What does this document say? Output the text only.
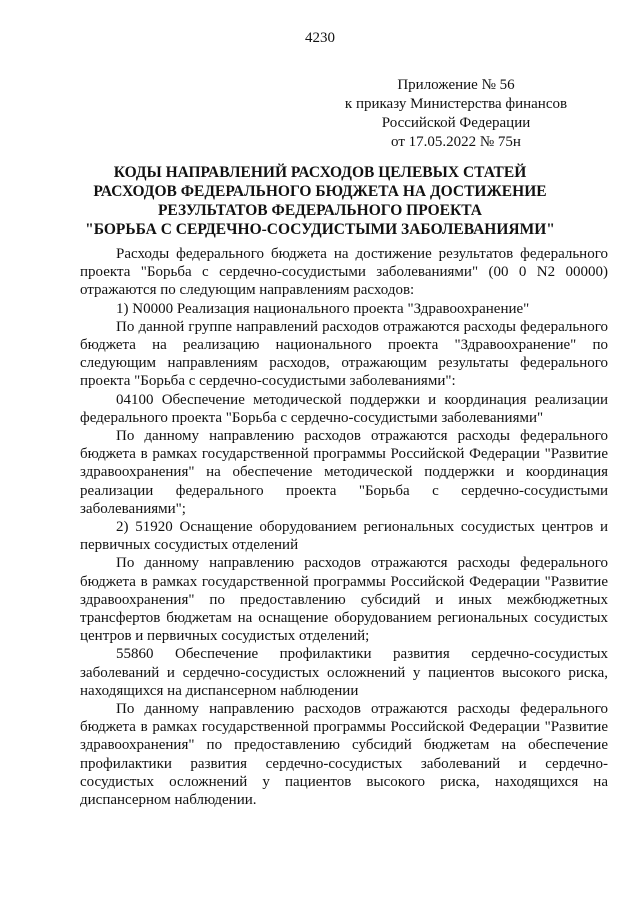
4230
Приложение № 56
к приказу Министерства финансов
Российской Федерации
от 17.05.2022 № 75н
КОДЫ НАПРАВЛЕНИЙ РАСХОДОВ ЦЕЛЕВЫХ СТАТЕЙ
РАСХОДОВ ФЕДЕРАЛЬНОГО БЮДЖЕТА НА ДОСТИЖЕНИЕ
РЕЗУЛЬТАТОВ ФЕДЕРАЛЬНОГО ПРОЕКТА
"БОРЬБА С СЕРДЕЧНО-СОСУДИСТЫМИ ЗАБОЛЕВАНИЯМИ"

Расходы федерального бюджета на достижение результатов федерального проекта "Борьба с сердечно-сосудистыми заболеваниями" (00 0 N2 00000) отражаются по следующим направлениям расходов:

1) N0000 Реализация национального проекта "Здравоохранение"

По данной группе направлений расходов отражаются расходы федерального бюджета на реализацию национального проекта "Здравоохранение" по следующим направлениям расходов, отражающим результаты федерального проекта "Борьба с сердечно-сосудистыми заболеваниями":

04100 Обеспечение методической поддержки и координация реализации федерального проекта "Борьба с сердечно-сосудистыми заболеваниями"

По данному направлению расходов отражаются расходы федерального бюджета в рамках государственной программы Российской Федерации "Развитие здравоохранения" на обеспечение методической поддержки и координация реализации федерального проекта "Борьба с сердечно-сосудистыми заболеваниями";

2) 51920 Оснащение оборудованием региональных сосудистых центров и первичных сосудистых отделений

По данному направлению расходов отражаются расходы федерального бюджета в рамках государственной программы Российской Федерации "Развитие здравоохранения" по предоставлению субсидий и иных межбюджетных трансфертов бюджетам на оснащение оборудованием региональных сосудистых центров и первичных сосудистых отделений;

55860 Обеспечение профилактики развития сердечно-сосудистых заболеваний и сердечно-сосудистых осложнений у пациентов высокого риска, находящихся на диспансерном наблюдении

По данному направлению расходов отражаются расходы федерального бюджета в рамках государственной программы Российской Федерации "Развитие здравоохранения" по предоставлению субсидий бюджетам на обеспечение профилактики развития сердечно-сосудистых заболеваний и сердечно-сосудистых осложнений у пациентов высокого риска, находящихся на диспансерном наблюдении.
